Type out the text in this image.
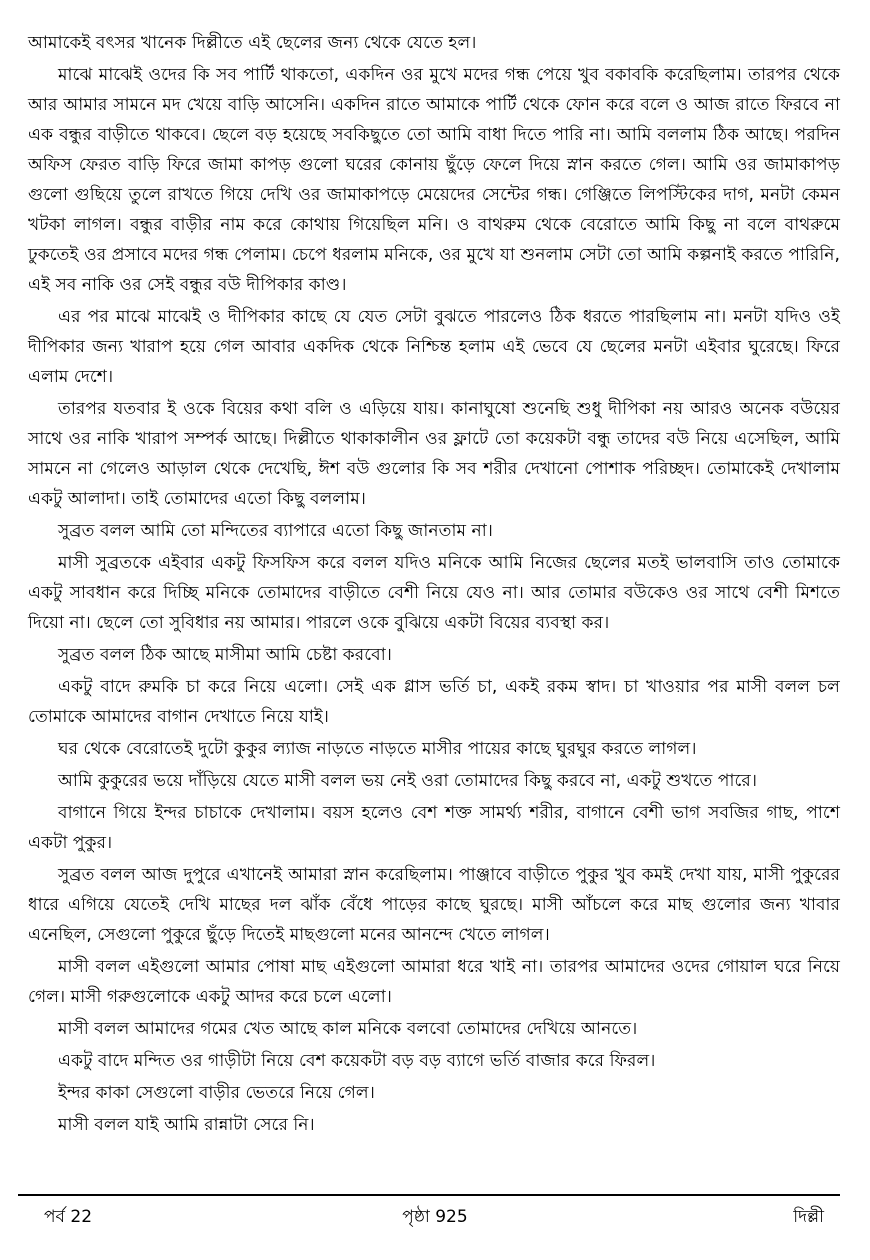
আমাকেই বৎসর খানেক দিল্লীতে এই ছেলের জন্য থেকে যেতে হল।

মাঝে মাঝেই ওদের কি সব পার্টি থাকতো, একদিন ওর মুখে মদের গন্ধ পেয়ে খুব বকাবকি করেছিলাম। তারপর থেকে আর আমার সামনে মদ খেয়ে বাড়ি আসেনি। একদিন রাতে আমাকে পার্টি থেকে ফোন করে বলে ও আজ রাতে ফিরবে না এক বন্ধুর বাড়ীতে থাকবে। ছেলে বড় হয়েছে সবকিছুতে তো আমি বাধা দিতে পারি না। আমি বললাম ঠিক আছে। পরদিন অফিস ফেরত বাড়ি ফিরে জামা কাপড় গুলো ঘরের কোনায় ছুঁড়ে ফেলে দিয়ে স্নান করতে গেল। আমি ওর জামাকাপড় গুলো গুছিয়ে তুলে রাখতে গিয়ে দেখি ওর জামাকাপড়ে মেয়েদের সেন্টের গন্ধ। গেঞ্জিতে লিপস্টিকের দাগ, মনটা কেমন খটকা লাগল। বন্ধুর বাড়ীর নাম করে কোথায় গিয়েছিল মনি। ও বাথরুম থেকে বেরোতে আমি কিছু না বলে বাথরুমে ঢুকতেই ওর প্রসাবে মদের গন্ধ পেলাম। চেপে ধরলাম মনিকে, ওর মুখে যা শুনলাম সেটা তো আমি কল্পনাই করতে পারিনি, এই সব নাকি ওর সেই বন্ধুর বউ দীপিকার কাণ্ড।

এর পর মাঝে মাঝেই ও দীপিকার কাছে যে যেত সেটা বুঝতে পারলেও ঠিক ধরতে পারছিলাম না। মনটা যদিও ওই দীপিকার জন্য খারাপ হয়ে গেল আবার একদিক থেকে নিশ্চিন্ত হলাম এই ভেবে যে ছেলের মনটা এইবার ঘুরেছে। ফিরে এলাম দেশে।

তারপর যতবার ই ওকে বিয়ের কথা বলি ও এড়িয়ে যায়। কানাঘুষো শুনেছি শুধু দীপিকা নয় আরও অনেক বউয়ের সাথে ওর নাকি খারাপ সম্পর্ক আছে। দিল্লীতে থাকাকালীন ওর ফ্লাটে তো কয়েকটা বন্ধু তাদের বউ নিয়ে এসেছিল, আমি সামনে না গেলেও আড়াল থেকে দেখেছি, ঈশ বউ গুলোর কি সব শরীর দেখানো পোশাক পরিচ্ছদ। তোমাকেই দেখালাম একটু আলাদা। তাই তোমাদের এতো কিছু বললাম।

সুব্রত বলল আমি তো মন্দিতের ব্যাপারে এতো কিছু জানতাম না।

মাসী সুব্রতকে এইবার একটু ফিসফিস করে বলল যদিও মনিকে আমি নিজের ছেলের মতই ভালবাসি তাও তোমাকে একটু সাবধান করে দিচ্ছি মনিকে তোমাদের বাড়ীতে বেশী নিয়ে যেও না। আর তোমার বউকেও ওর সাথে বেশী মিশতে দিয়ো না। ছেলে তো সুবিধার নয় আমার। পারলে ওকে বুঝিয়ে একটা বিয়ের ব্যবস্থা কর।

সুব্রত বলল ঠিক আছে মাসীমা আমি চেষ্টা করবো।

একটু বাদে রুমকি চা করে নিয়ে এলো। সেই এক গ্লাস ভর্তি চা, একই রকম স্বাদ। চা খাওয়ার পর মাসী বলল চল তোমাকে আমাদের বাগান দেখাতে নিয়ে যাই।

ঘর থেকে বেরোতেই দুটো কুকুর ল্যাজ নাড়তে নাড়তে মাসীর পায়ের কাছে ঘুরঘুর করতে লাগল।

আমি কুকুরের ভয়ে দাঁড়িয়ে যেতে মাসী বলল ভয় নেই ওরা তোমাদের কিছু করবে না, একটু শুখতে পারে।

বাগানে গিয়ে ইন্দর চাচাকে দেখালাম। বয়স হলেও বেশ শক্ত সামর্থ্য শরীর, বাগানে বেশী ভাগ সবজির গাছ, পাশে একটা পুকুর।

সুব্রত বলল আজ দুপুরে এখানেই আমারা স্নান করেছিলাম। পাঞ্জাবে বাড়ীতে পুকুর খুব কমই দেখা যায়, মাসী পুকুরের ধারে এগিয়ে যেতেই দেখি মাছের দল ঝাঁক বেঁধে পাড়ের কাছে ঘুরছে। মাসী আঁচলে করে মাছ গুলোর জন্য খাবার এনেছিল, সেগুলো পুকুরে ছুঁড়ে দিতেই মাছগুলো মনের আনন্দে খেতে লাগল।

মাসী বলল এইগুলো আমার পোষা মাছ এইগুলো আমারা ধরে খাই না। তারপর আমাদের ওদের গোয়াল ঘরে নিয়ে গেল। মাসী গরুগুলোকে একটু আদর করে চলে এলো।

মাসী বলল আমাদের গমের খেত আছে কাল মনিকে বলবো তোমাদের দেখিয়ে আনতে।

একটু বাদে মন্দিত ওর গাড়ীটা নিয়ে বেশ কয়েকটা বড় বড় ব্যাগে ভর্তি বাজার করে ফিরল।

ইন্দর কাকা সেগুলো বাড়ীর ভেতরে নিয়ে গেল।

মাসী বলল যাই আমি রান্নাটা সেরে নি।

পৃষ্ঠা 925
পর্ব 22	দিল্লী
